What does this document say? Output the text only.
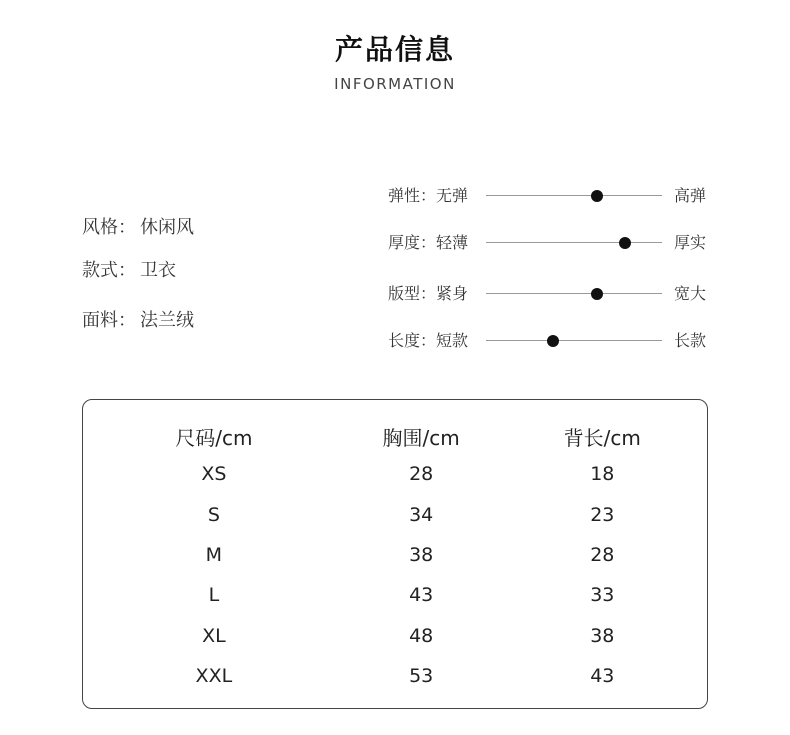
产品信息
INFORMATION
风格： 休闲风
款式： 卫衣
面料： 法兰绒
弹性：无弹	高弹
厚度：轻薄	厚实
版型：紧身	宽大
长度：短款	长款
尺码/cm	胸围/cm	背长/cm
XS	28	18
S	34	23
M	38	28
L	43	33
XL	48	38
XXL	53	43
